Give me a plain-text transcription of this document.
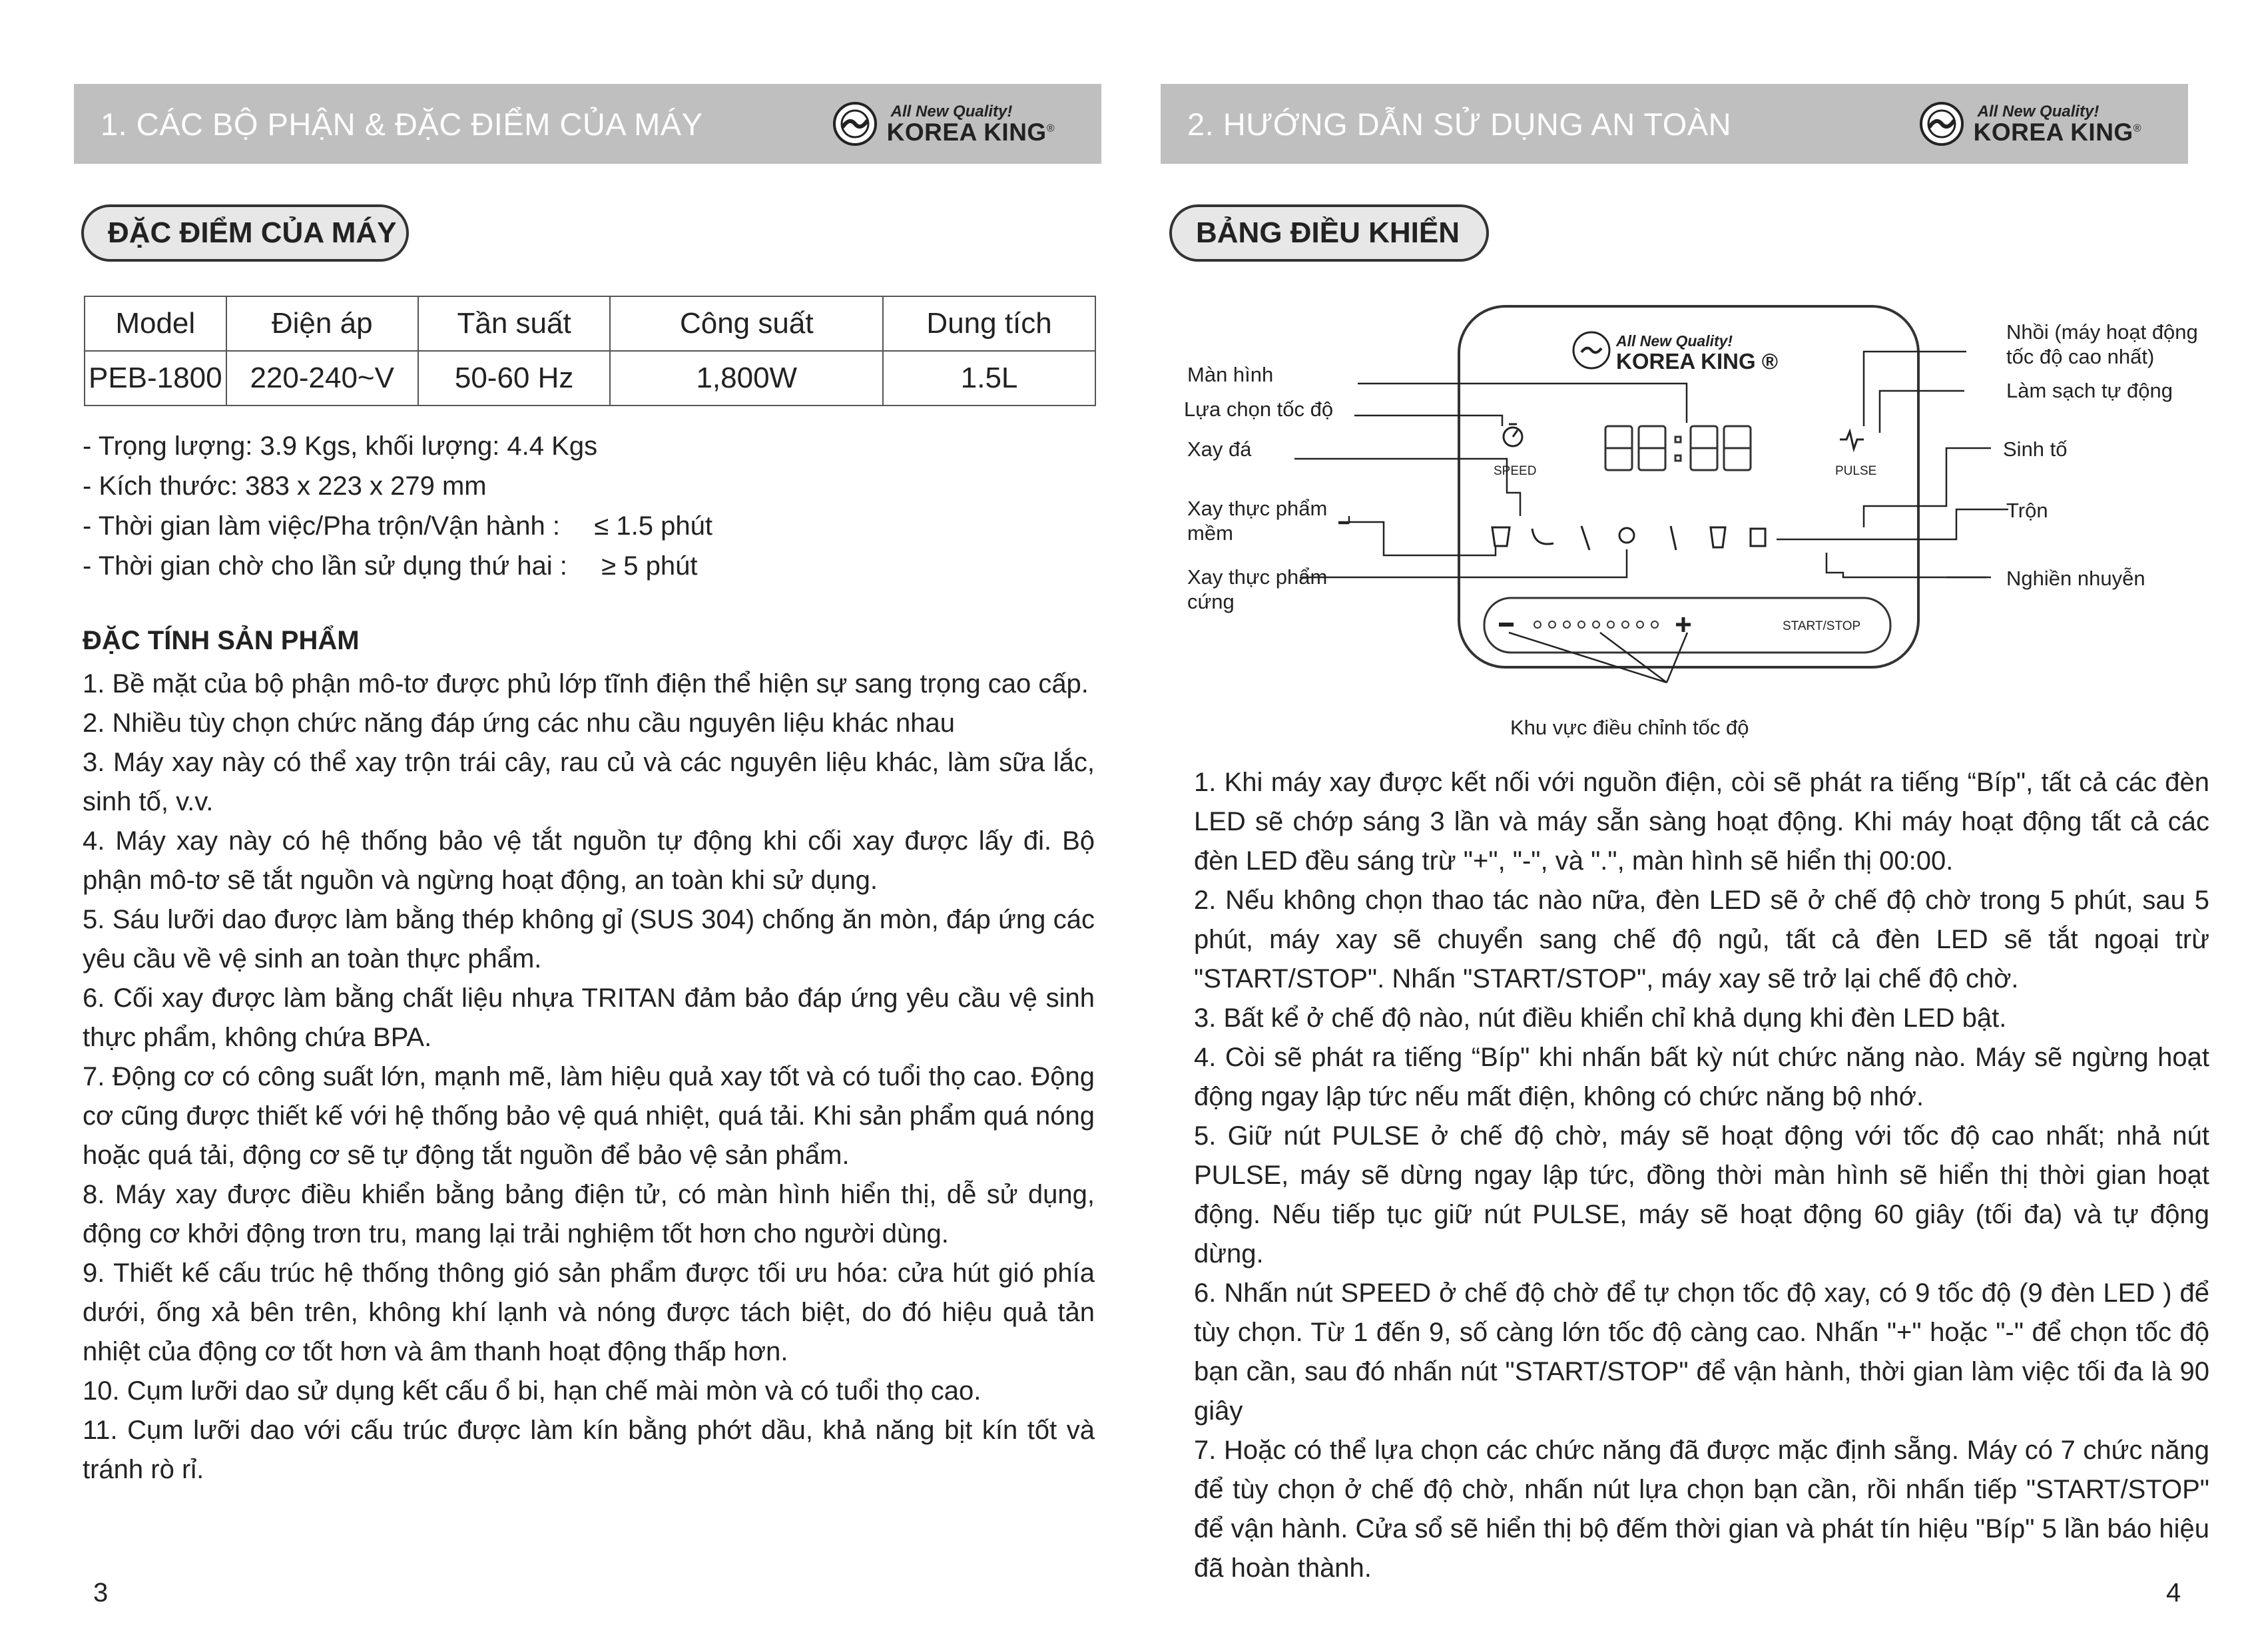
1. CÁC BỘ PHẬN & ĐẶC ĐIỂM CỦA MÁY	All New Quality!
KOREA KING®
ĐẶC ĐIỂM CỦA MÁY
Model	Điện áp	Tần suất	Công suất	Dung tích
PEB-1800	220-240~V	50-60 Hz	1,800W	1.5L
- Trọng lượng: 3.9 Kgs, khối lượng: 4.4 Kgs
- Kích thước: 383 x 223 x 279 mm
- Thời gian làm việc/Pha trộn/Vận hành : ≤ 1.5 phút
- Thời gian chờ cho lần sử dụng thứ hai : ≥ 5 phút
ĐẶC TÍNH SẢN PHẨM

1. Bề mặt của bộ phận mô-tơ được phủ lớp tĩnh điện thể hiện sự sang trọng cao cấp.

2. Nhiều tùy chọn chức năng đáp ứng các nhu cầu nguyên liệu khác nhau

3. Máy xay này có thể xay trộn trái cây, rau củ và các nguyên liệu khác, làm sữa lắc, sinh tố, v.v.

4. Máy xay này có hệ thống bảo vệ tắt nguồn tự động khi cối xay được lấy đi. Bộ phận mô-tơ sẽ tắt nguồn và ngừng hoạt động, an toàn khi sử dụng.

5. Sáu lưỡi dao được làm bằng thép không gỉ (SUS 304) chống ăn mòn, đáp ứng các yêu cầu về vệ sinh an toàn thực phẩm.

6. Cối xay được làm bằng chất liệu nhựa TRITAN đảm bảo đáp ứng yêu cầu vệ sinh thực phẩm, không chứa BPA.

7. Động cơ có công suất lớn, mạnh mẽ, làm hiệu quả xay tốt và có tuổi thọ cao. Động cơ cũng được thiết kế với hệ thống bảo vệ quá nhiệt, quá tải. Khi sản phẩm quá nóng hoặc quá tải, động cơ sẽ tự động tắt nguồn để bảo vệ sản phẩm.

8. Máy xay được điều khiển bằng bảng điện tử, có màn hình hiển thị, dễ sử dụng, động cơ khởi động trơn tru, mang lại trải nghiệm tốt hơn cho người dùng.

9. Thiết kế cấu trúc hệ thống thông gió sản phẩm được tối ưu hóa: cửa hút gió phía dưới, ống xả bên trên, không khí lạnh và nóng được tách biệt, do đó hiệu quả tản nhiệt của động cơ tốt hơn và âm thanh hoạt động thấp hơn.

10. Cụm lưỡi dao sử dụng kết cấu ổ bi, hạn chế mài mòn và có tuổi thọ cao.

11. Cụm lưỡi dao với cấu trúc được làm kín bằng phớt dầu, khả năng bịt kín tốt và tránh rò rỉ.

3
2. HƯỚNG DẪN SỬ DỤNG AN TOÀN	All New Quality!
KOREA KING®
BẢNG ĐIỀU KHIỂN
All New Quality!
KOREA KING ®
SPEED	PULSE
START/STOP
Màn hình
Lựa chọn tốc độ
Xay đá
Xay thực phẩm
mềm
Xay thực phẩm
cứng
Nhồi (máy hoạt động
tốc độ cao nhất)
Làm sạch tự động
Sinh tố
Trộn
Nghiền nhuyễn
Khu vực điều chỉnh tốc độ

1. Khi máy xay được kết nối với nguồn điện, còi sẽ phát ra tiếng “Bíp", tất cả các đèn LED sẽ chớp sáng 3 lần và máy sẵn sàng hoạt động. Khi máy hoạt động tất cả các đèn LED đều sáng trừ "+", "-", và ".", màn hình sẽ hiển thị 00:00.

2. Nếu không chọn thao tác nào nữa, đèn LED sẽ ở chế độ chờ trong 5 phút, sau 5 phút, máy xay sẽ chuyển sang chế độ ngủ, tất cả đèn LED sẽ tắt ngoại trừ "START/STOP". Nhấn "START/STOP", máy xay sẽ trở lại chế độ chờ.

3. Bất kể ở chế độ nào, nút điều khiển chỉ khả dụng khi đèn LED bật.

4. Còi sẽ phát ra tiếng “Bíp" khi nhấn bất kỳ nút chức năng nào. Máy sẽ ngừng hoạt động ngay lập tức nếu mất điện, không có chức năng bộ nhớ.

5. Giữ nút PULSE ở chế độ chờ, máy sẽ hoạt động với tốc độ cao nhất; nhả nút PULSE, máy sẽ dừng ngay lập tức, đồng thời màn hình sẽ hiển thị thời gian hoạt động. Nếu tiếp tục giữ nút PULSE, máy sẽ hoạt động 60 giây (tối đa) và tự động dừng.

6. Nhấn nút SPEED ở chế độ chờ để tự chọn tốc độ xay, có 9 tốc độ (9 đèn LED ) để tùy chọn. Từ 1 đến 9, số càng lớn tốc độ càng cao. Nhấn "+" hoặc "-" để chọn tốc độ bạn cần, sau đó nhấn nút "START/STOP" để vận hành, thời gian làm việc tối đa là 90 giây

7. Hoặc có thể lựa chọn các chức năng đã được mặc định sẵng. Máy có 7 chức năng để tùy chọn ở chế độ chờ, nhấn nút lựa chọn bạn cần, rồi nhấn tiếp "START/STOP" để vận hành. Cửa sổ sẽ hiển thị bộ đếm thời gian và phát tín hiệu "Bíp" 5 lần báo hiệu đã hoàn thành.

4
